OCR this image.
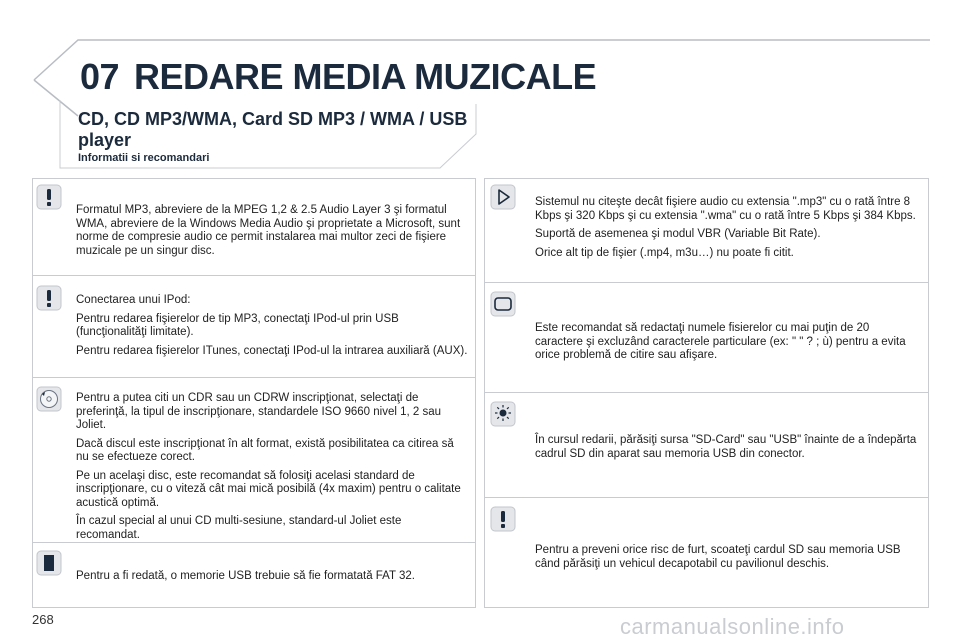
07 REDARE MEDIA MUZICALE
CD, CD MP3/WMA, Card SD MP3 / WMA / USB player
Informatii si recomandari

Formatul MP3, abreviere de la MPEG 1,2 & 2.5 Audio Layer 3 şi formatul WMA, abreviere de la Windows Media Audio şi proprietate a Microsoft, sunt norme de compresie audio ce permit instalarea mai multor zeci de fişiere muzicale pe un singur disc.

Conectarea unui IPod:

Pentru redarea fişierelor de tip MP3, conectaţi IPod-ul prin USB (funcţionalităţi limitate).

Pentru redarea fişierelor ITunes, conectaţi IPod-ul la intrarea auxiliară (AUX).

Pentru a putea citi un CDR sau un CDRW inscripţionat, selectaţi de preferinţă, la tipul de inscripţionare, standardele ISO 9660 nivel 1, 2 sau Joliet.

Dacă discul este inscripţionat în alt format, există posibilitatea ca citirea să nu se efectueze corect.

Pe un acelaşi disc, este recomandat să folosiţi acelasi standard de inscripţionare, cu o viteză cât mai mică posibilă (4x maxim) pentru o calitate acustică optimă.

În cazul special al unui CD multi-sesiune, standard-ul Joliet este recomandat.

Pentru a fi redată, o memorie USB trebuie să fie formatată FAT 32.

Sistemul nu citeşte decât fişiere audio cu extensia ".mp3" cu o rată între 8 Kbps şi 320 Kbps şi cu extensia ".wma" cu o rată între 5 Kbps şi 384 Kbps.

Suportă de asemenea şi modul VBR (Variable Bit Rate).

Orice alt tip de fişier (.mp4, m3u…) nu poate fi citit.

Este recomandat să redactaţi numele fisierelor cu mai puţin de 20 caractere şi excluzând caracterele particulare (ex: " " ? ; ù) pentru a evita orice problemă de citire sau afişare.

În cursul redarii, părăsiţi sursa "SD-Card" sau "USB" înainte de a îndepărta cadrul SD din aparat sau memoria USB din conector.

Pentru a preveni orice risc de furt, scoateţi cardul SD sau memoria USB când părăsiţi un vehicul decapotabil cu pavilionul deschis.

268	carmanualsonline.info
